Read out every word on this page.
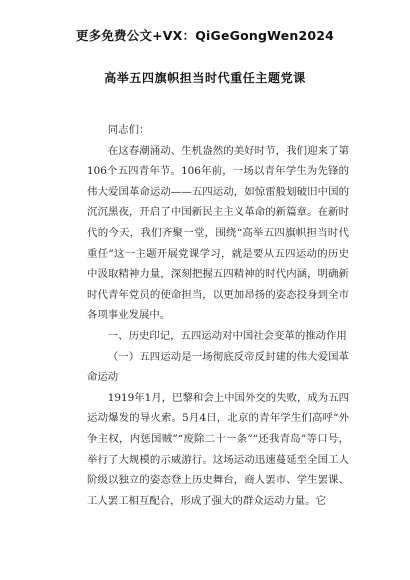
更多免费公文+VX：QiGeGongWen2024
高举五四旗帜担当时代重任主题党课

同志们：

在这春潮涌动、生机盎然的美好时节，我们迎来了第106个五四青年节。106年前，一场以青年学生为先锋的伟大爱国革命运动——五四运动，如惊雷般划破旧中国的沉沉黑夜，开启了中国新民主主义革命的新篇章。在新时代的今天，我们齐聚一堂，围绕“高举五四旗帜担当时代重任”这一主题开展党课学习，就是要从五四运动的历史中汲取精神力量，深刻把握五四精神的时代内涵，明确新时代青年党员的使命担当，以更加昂扬的姿态投身到全市各项事业发展中。

一、历史印记，五四运动对中国社会变革的推动作用

（一）五四运动是一场彻底反帝反封建的伟大爱国革命运动

1919年1月，巴黎和会上中国外交的失败，成为五四运动爆发的导火索。5月4日，北京的青年学生们高呼“外争主权，内惩国贼”“废除二十一条”“还我青岛”等口号，举行了大规模的示威游行。这场运动迅速蔓延至全国工人阶级以独立的姿态登上历史舞台，商人罢市、学生罢课、工人罢工相互配合，形成了强大的群众运动力量。它
